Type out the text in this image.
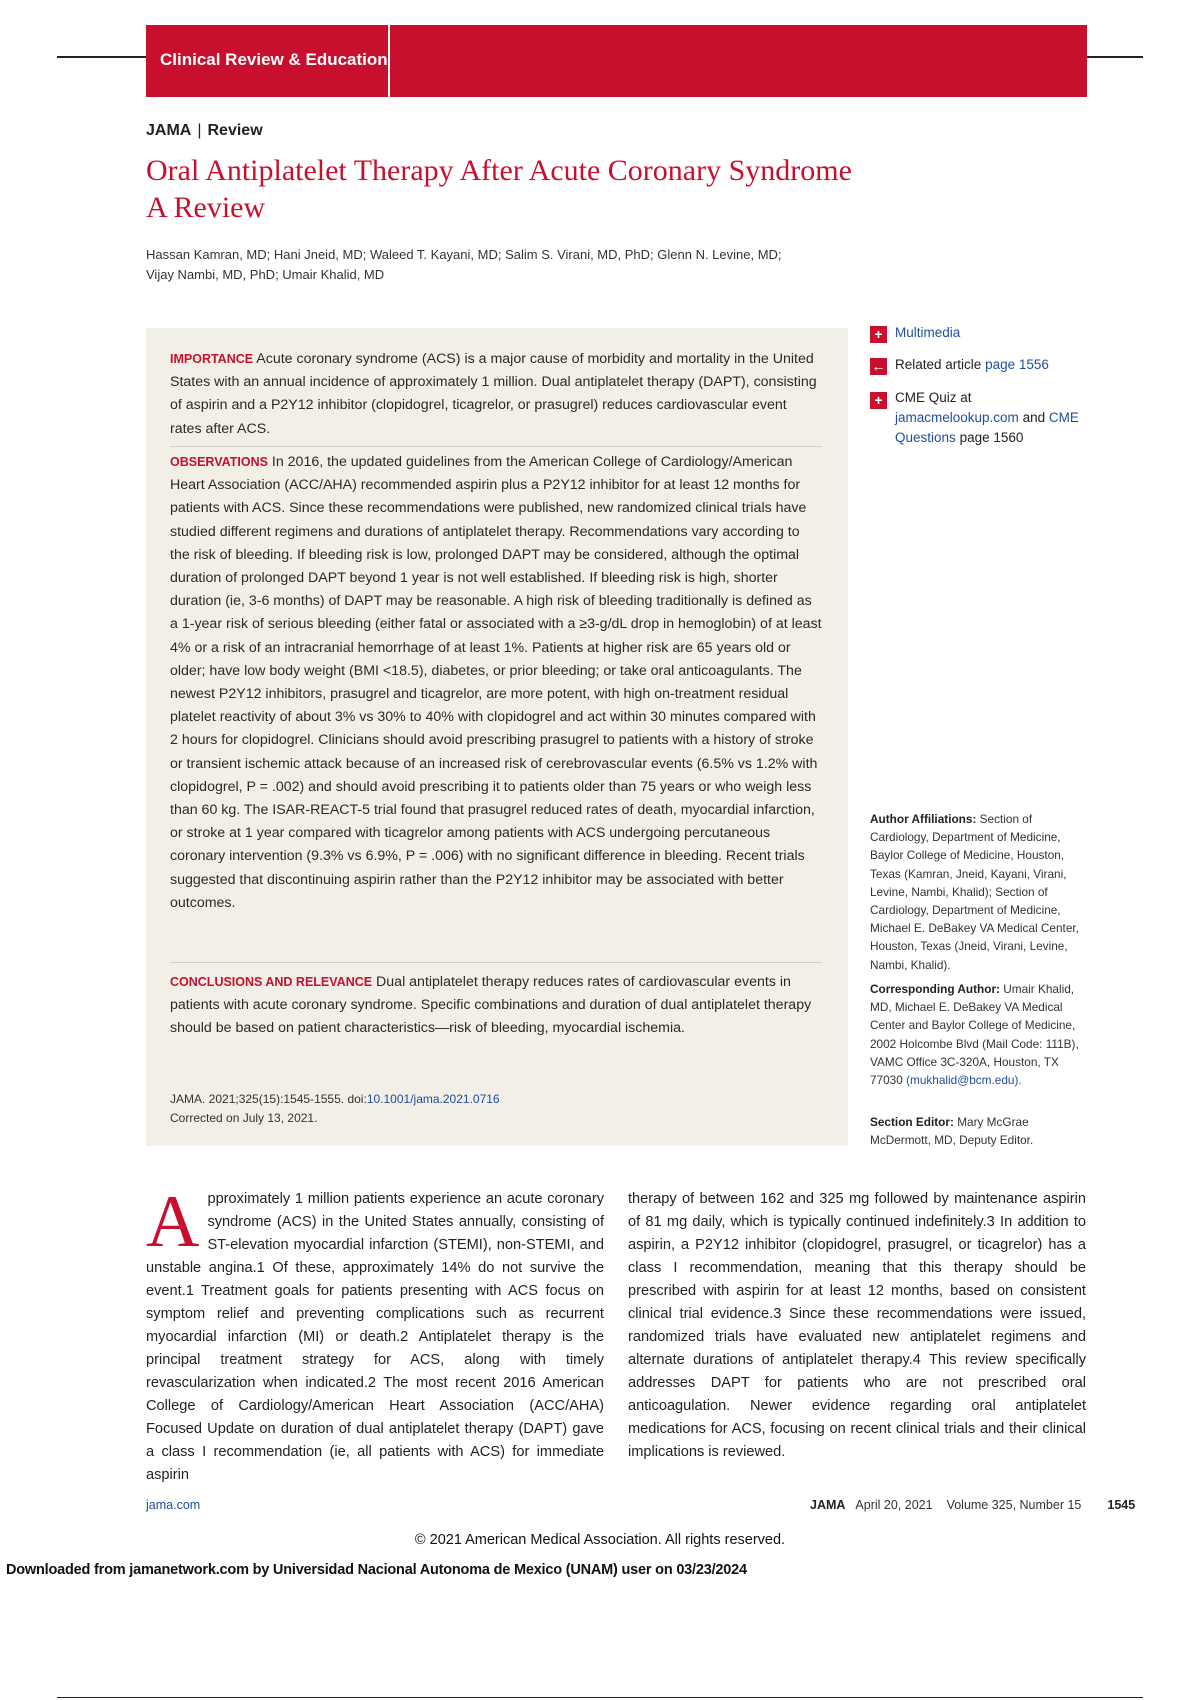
Clinical Review & Education
JAMA | Review
Oral Antiplatelet Therapy After Acute Coronary Syndrome
A Review
Hassan Kamran, MD; Hani Jneid, MD; Waleed T. Kayani, MD; Salim S. Virani, MD, PhD; Glenn N. Levine, MD;
Vijay Nambi, MD, PhD; Umair Khalid, MD
IMPORTANCE Acute coronary syndrome (ACS) is a major cause of morbidity and mortality in the United States with an annual incidence of approximately 1 million. Dual antiplatelet therapy (DAPT), consisting of aspirin and a P2Y12 inhibitor (clopidogrel, ticagrelor, or prasugrel) reduces cardiovascular event rates after ACS.
OBSERVATIONS In 2016, the updated guidelines from the American College of Cardiology/American Heart Association (ACC/AHA) recommended aspirin plus a P2Y12 inhibitor for at least 12 months for patients with ACS. Since these recommendations were published, new randomized clinical trials have studied different regimens and durations of antiplatelet therapy. Recommendations vary according to the risk of bleeding. If bleeding risk is low, prolonged DAPT may be considered, although the optimal duration of prolonged DAPT beyond 1 year is not well established. If bleeding risk is high, shorter duration (ie, 3-6 months) of DAPT may be reasonable. A high risk of bleeding traditionally is defined as a 1-year risk of serious bleeding (either fatal or associated with a ≥3-g/dL drop in hemoglobin) of at least 4% or a risk of an intracranial hemorrhage of at least 1%. Patients at higher risk are 65 years old or older; have low body weight (BMI <18.5), diabetes, or prior bleeding; or take oral anticoagulants. The newest P2Y12 inhibitors, prasugrel and ticagrelor, are more potent, with high on-treatment residual platelet reactivity of about 3% vs 30% to 40% with clopidogrel and act within 30 minutes compared with 2 hours for clopidogrel. Clinicians should avoid prescribing prasugrel to patients with a history of stroke or transient ischemic attack because of an increased risk of cerebrovascular events (6.5% vs 1.2% with clopidogrel, P = .002) and should avoid prescribing it to patients older than 75 years or who weigh less than 60 kg. The ISAR-REACT-5 trial found that prasugrel reduced rates of death, myocardial infarction, or stroke at 1 year compared with ticagrelor among patients with ACS undergoing percutaneous coronary intervention (9.3% vs 6.9%, P = .006) with no significant difference in bleeding. Recent trials suggested that discontinuing aspirin rather than the P2Y12 inhibitor may be associated with better outcomes.
CONCLUSIONS AND RELEVANCE Dual antiplatelet therapy reduces rates of cardiovascular events in patients with acute coronary syndrome. Specific combinations and duration of dual antiplatelet therapy should be based on patient characteristics—risk of bleeding, myocardial ischemia.
JAMA. 2021;325(15):1545-1555. doi:10.1001/jama.2021.0716
Corrected on July 13, 2021.
+ Multimedia
← Related article page 1556
+ CME Quiz at
jamacmelookup.com and CME
Questions page 1560
Author Affiliations: Section of Cardiology, Department of Medicine, Baylor College of Medicine, Houston, Texas (Kamran, Jneid, Kayani, Virani, Levine, Nambi, Khalid); Section of Cardiology, Department of Medicine, Michael E. DeBakey VA Medical Center, Houston, Texas (Jneid, Virani, Levine, Nambi, Khalid).
Corresponding Author: Umair Khalid, MD, Michael E. DeBakey VA Medical Center and Baylor College of Medicine, 2002 Holcombe Blvd (Mail Code: 111B), VAMC Office 3C-320A, Houston, TX 77030 (mukhalid@bcm.edu).
Section Editor: Mary McGrae McDermott, MD, Deputy Editor.
Approximately 1 million patients experience an acute coronary syndrome (ACS) in the United States annually, consisting of ST-elevation myocardial infarction (STEMI), non-STEMI, and unstable angina.1 Of these, approximately 14% do not survive the event.1 Treatment goals for patients presenting with ACS focus on symptom relief and preventing complications such as recurrent myocardial infarction (MI) or death.2 Antiplatelet therapy is the principal treatment strategy for ACS, along with timely revascularization when indicated.2 The most recent 2016 American College of Cardiology/American Heart Association (ACC/AHA) Focused Update on duration of dual antiplatelet therapy (DAPT) gave a class I recommendation (ie, all patients with ACS) for immediate aspirin
therapy of between 162 and 325 mg followed by maintenance aspirin of 81 mg daily, which is typically continued indefinitely.3 In addition to aspirin, a P2Y12 inhibitor (clopidogrel, prasugrel, or ticagrelor) has a class I recommendation, meaning that this therapy should be prescribed with aspirin for at least 12 months, based on consistent clinical trial evidence.3 Since these recommendations were issued, randomized trials have evaluated new antiplatelet regimens and alternate durations of antiplatelet therapy.4 This review specifically addresses DAPT for patients who are not prescribed oral anticoagulation. Newer evidence regarding oral antiplatelet medications for ACS, focusing on recent clinical trials and their clinical implications is reviewed.
jama.com	JAMA April 20, 2021 Volume 325, Number 15 1545
© 2021 American Medical Association. All rights reserved.
Downloaded from jamanetwork.com by Universidad Nacional Autonoma de Mexico (UNAM) user on 03/23/2024
